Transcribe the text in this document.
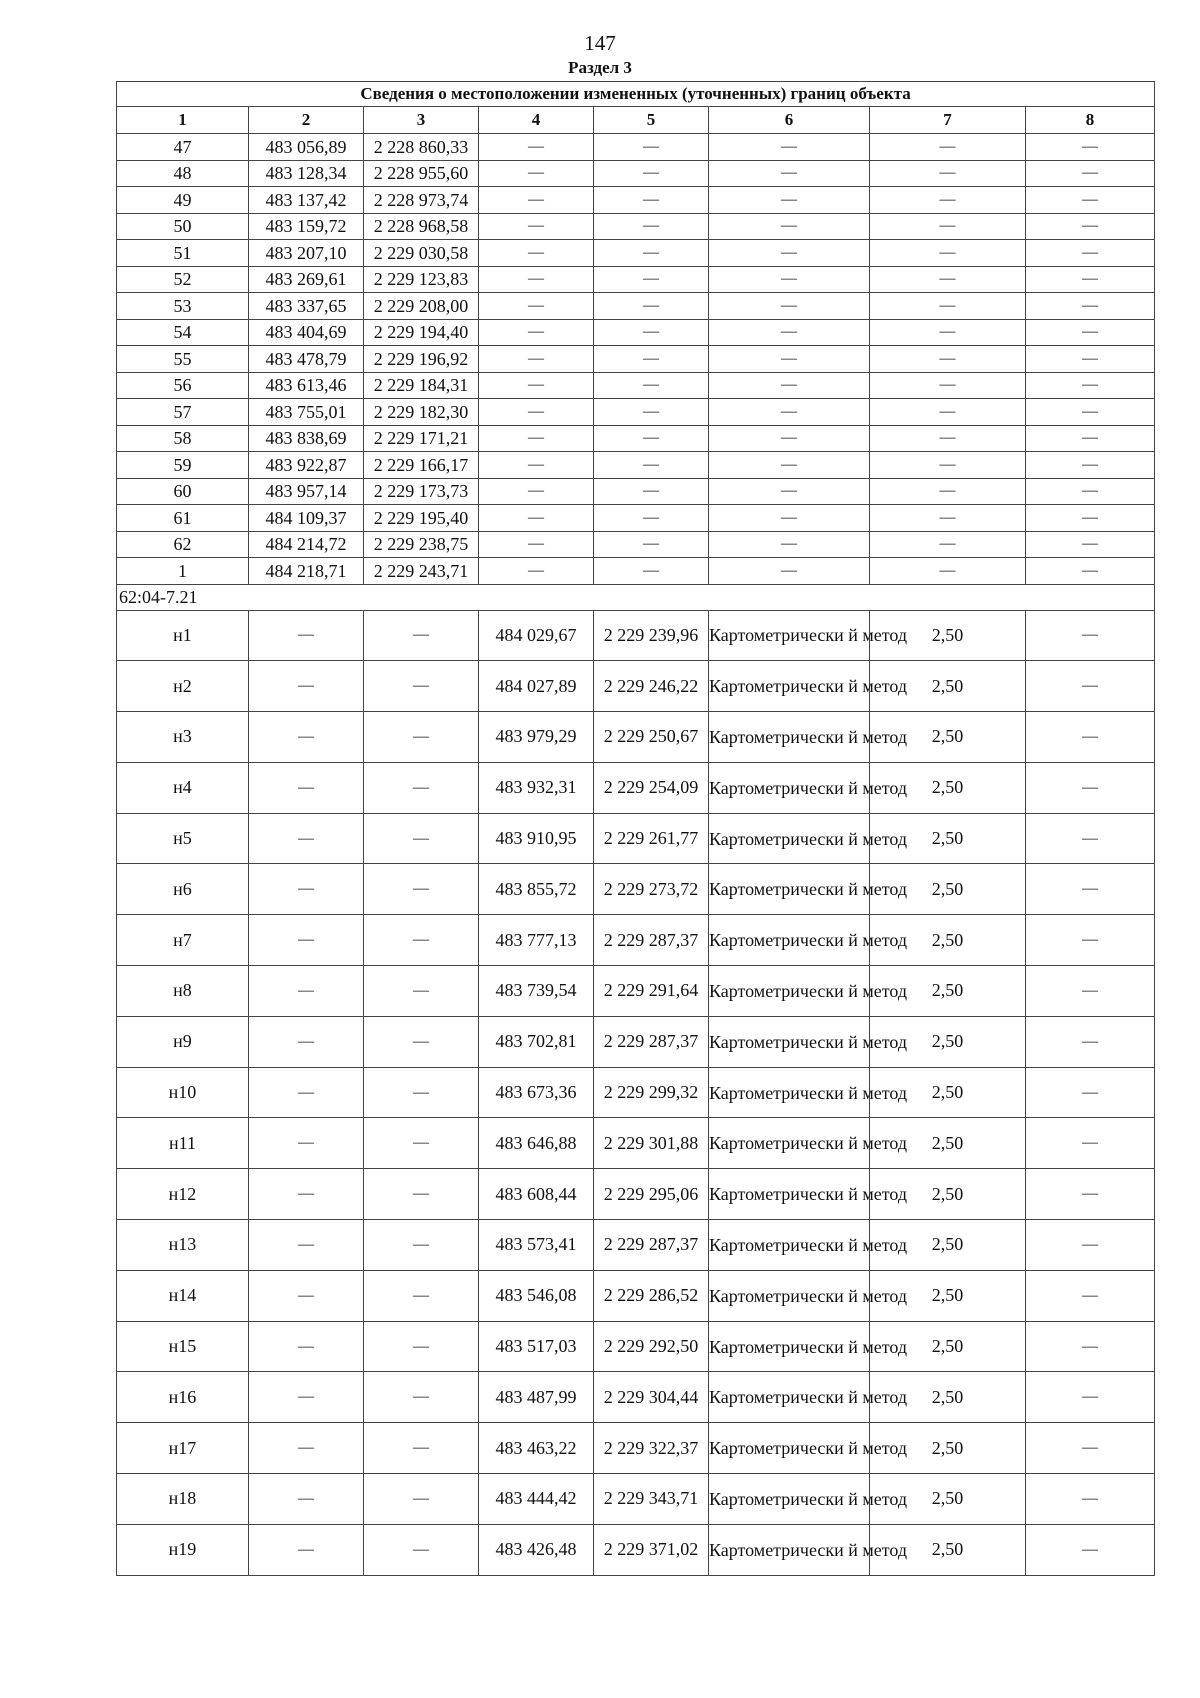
147
Раздел 3
Сведения о местоположении измененных (уточненных) границ объекта							
1	2	3	4	5	6	7	8
47	483 056,89	2 228 860,33	—	—	—	—	—
48	483 128,34	2 228 955,60	—	—	—	—	—
49	483 137,42	2 228 973,74	—	—	—	—	—
50	483 159,72	2 228 968,58	—	—	—	—	—
51	483 207,10	2 229 030,58	—	—	—	—	—
52	483 269,61	2 229 123,83	—	—	—	—	—
53	483 337,65	2 229 208,00	—	—	—	—	—
54	483 404,69	2 229 194,40	—	—	—	—	—
55	483 478,79	2 229 196,92	—	—	—	—	—
56	483 613,46	2 229 184,31	—	—	—	—	—
57	483 755,01	2 229 182,30	—	—	—	—	—
58	483 838,69	2 229 171,21	—	—	—	—	—
59	483 922,87	2 229 166,17	—	—	—	—	—
60	483 957,14	2 229 173,73	—	—	—	—	—
61	484 109,37	2 229 195,40	—	—	—	—	—
62	484 214,72	2 229 238,75	—	—	—	—	—
1	484 218,71	2 229 243,71	—	—	—	—	—
62:04-7.21							
н1	—	—	484 029,67	2 229 239,96	Картометрически й метод	2,50	—
н2	—	—	484 027,89	2 229 246,22	Картометрически й метод	2,50	—
н3	—	—	483 979,29	2 229 250,67	Картометрически й метод	2,50	—
н4	—	—	483 932,31	2 229 254,09	Картометрически й метод	2,50	—
н5	—	—	483 910,95	2 229 261,77	Картометрически й метод	2,50	—
н6	—	—	483 855,72	2 229 273,72	Картометрически й метод	2,50	—
н7	—	—	483 777,13	2 229 287,37	Картометрически й метод	2,50	—
н8	—	—	483 739,54	2 229 291,64	Картометрически й метод	2,50	—
н9	—	—	483 702,81	2 229 287,37	Картометрически й метод	2,50	—
н10	—	—	483 673,36	2 229 299,32	Картометрически й метод	2,50	—
н11	—	—	483 646,88	2 229 301,88	Картометрически й метод	2,50	—
н12	—	—	483 608,44	2 229 295,06	Картометрически й метод	2,50	—
н13	—	—	483 573,41	2 229 287,37	Картометрически й метод	2,50	—
н14	—	—	483 546,08	2 229 286,52	Картометрически й метод	2,50	—
н15	—	—	483 517,03	2 229 292,50	Картометрически й метод	2,50	—
н16	—	—	483 487,99	2 229 304,44	Картометрически й метод	2,50	—
н17	—	—	483 463,22	2 229 322,37	Картометрически й метод	2,50	—
н18	—	—	483 444,42	2 229 343,71	Картометрически й метод	2,50	—
н19	—	—	483 426,48	2 229 371,02	Картометрически й метод	2,50	—
